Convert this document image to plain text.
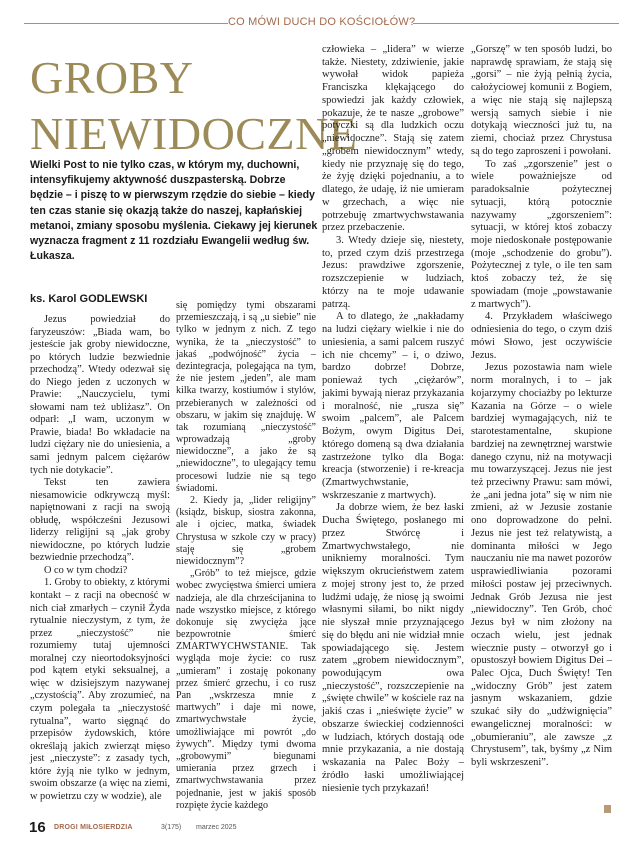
CO MÓWI DUCH DO KOŚCIOŁÓW?
GROBY
NIEWIDOCZNE

Wielki Post to nie tylko czas, w którym my, duchowni, intensyfikujemy aktywność duszpasterską. Dobrze będzie – i piszę to w pierwszym rzędzie do siebie – kiedy ten czas stanie się okazją także do naszej, kapłańskiej metanoi, zmiany sposobu myślenia. Ciekawy jej kierunek wyznacza fragment z 11 rozdziału Ewangelii według św. Łukasza.

ks. Karol GODLEWSKI

Jezus powiedział do faryzeuszów: „Biada wam, bo jesteście jak groby niewidoczne, po których ludzie bezwiednie przechodzą”. Wtedy odezwał się do Niego jeden z uczonych w Prawie: „Nauczycielu, tymi słowami nam też ubliżasz”. On odparł: „I wam, uczonym w Prawie, biada! Bo wkładacie na ludzi ciężary nie do uniesienia, a sami jednym palcem ciężarów tych nie dotykacie”.

Tekst ten zawiera niesamowicie odkrywczą myśl: napiętnowani z racji na swoją obłudę, współcześni Jezusowi liderzy religijni są „jak groby niewidoczne, po których ludzie bezwiednie przechodzą”.

O co w tym chodzi?

1. Groby to obiekty, z którymi kontakt – z racji na obecność w nich ciał zmarłych – czynił Żyda rytualnie nieczystym, z tym, że przez „nieczystość” nie rozumiemy tutaj ujemności moralnej czy nieortodoksyjności pod kątem etyki seksualnej, a więc w dzisiejszym nazywanej „czystością”. Aby zrozumieć, na czym polegała ta „nieczystość rytualna”, warto sięgnąć do przepisów żydowskich, które określają jakich zwierząt mięso jest „nieczyste”: z zasady tych, które żyją nie tylko w jednym, swoim obszarze (a więc na ziemi, w powietrzu czy w wodzie), ale

się pomiędzy tymi obszarami przemieszczają, i są „u siebie” nie tylko w jednym z nich. Z tego wynika, że ta „nieczystość” to jakaś „podwójność” życia – dezintegracja, polegająca na tym, że nie jestem „jeden”, ale mam kilka twarzy, kostiumów i stylów, przebieranych w zależności od obszaru, w jakim się znajduję. W tak rozumianą „nieczystość” wprowadzają „groby niewidoczne”, a jako że są „niewidoczne”, to ulegający temu procesowi ludzie nie są tego świadomi.

2. Kiedy ja, „lider religijny” (ksiądz, biskup, siostra zakonna, ale i ojciec, matka, świadek Chrystusa w szkole czy w pracy) staję się „grobem niewidocznym”?

„Grób” to też miejsce, gdzie wobec zwycięstwa śmierci umiera nadzieja, ale dla chrześcijanina to nade wszystko miejsce, z którego dokonuje się zwycięża jące bezpowrotnie śmierć ZMARTWYCHWSTANIE. Tak wygląda moje życie: co rusz „umieram” i zostaję pokonany przez śmierć grzechu, i co rusz Pan „wskrzesza mnie z martwych” i daje mi nowe, zmartwychwstałe życie, umożliwiające mi powrót „do żywych”. Między tymi dwoma „grobowymi” biegunami umierania przez grzech i zmartwychwstawania przez pojednanie, jest w jakiś sposób rozpięte życie każdego

człowieka – „lidera” w wierze także. Niestety, zdziwienie, jakie wywołał widok papieża Franciszka klękającego do spowiedzi jak każdy człowiek, pokazuje, że te nasze „grobowe” potyczki są dla ludzkich oczu „niewidoczne”. Stają się zatem „grobem niewidocznym” wtedy, kiedy nie przyznaję się do tego, że żyję dzięki pojednaniu, a to dlatego, że udaję, iż nie umieram w grzechach, a więc nie potrzebuję zmartwychwstawania przez przebaczenie.

3. Wtedy dzieje się, niestety, to, przed czym dziś przestrzega Jezus: prawdziwe zgorszenie, rozszczepienie w ludziach, którzy na te moje udawanie patrzą.

A to dlatego, że „nakładamy na ludzi ciężary wielkie i nie do uniesienia, a sami palcem ruszyć ich nie chcemy” – i, o dziwo, bardzo dobrze! Dobrze, ponieważ tych „ciężarów”, jakimi bywają nieraz przykazania i moralność, nie „rusza się” swoim „palcem”, ale Palcem Bożym, owym Digitus Dei, którego domeną są dwa działania zastrzeżone tylko dla Boga: kreacja (stworzenie) i re-kreacja (Zmartwychwstanie, wskrzeszanie z martwych).

Ja dobrze wiem, że bez łaski Ducha Świętego, posłanego mi przez Stwórcę i Zmartwychwstałego, nie unikniemy moralności. Tym większym okrucieństwem zatem z mojej strony jest to, że przed ludźmi udaję, że niosę ją swoimi własnymi siłami, bo nikt nigdy nie słyszał mnie przyznającego się do błędu ani nie widział mnie spowiadającego się. Jestem zatem „grobem niewidocznym”, powodującym owa „nieczystość”, rozszczepienie na „święte chwile” w kościele raz na jakiś czas i „nieświęte życie” w obszarze świeckiej codzienności w ludziach, których dostają ode mnie przykazania, a nie dostają wskazania na Palec Boży – źródło łaski umożliwiającej niesienie tych przykazań!

„Gorszę” w ten sposób ludzi, bo naprawdę sprawiam, że stają się „gorsi” – nie żyją pełnią życia, całożyciowej komunii z Bogiem, a więc nie stają się najlepszą wersją samych siebie i nie dotykają wieczności już tu, na ziemi, chociaż przez Chrystusa są do tego zaproszeni i powołani.

To zaś „zgorszenie” jest o wiele poważniejsze od paradoksalnie pożytecznej sytuacji, którą potocznie nazywamy „zgorszeniem”: sytuacji, w której ktoś zobaczy moje niedoskonałe postępowanie (moje „schodzenie do grobu”). Pożytecznej z tyle, o ile ten sam ktoś zobaczy też, że się spowiadam (moje „powstawanie z martwych”).

4. Przykładem właściwego odniesienia do tego, o czym dziś mówi Słowo, jest oczywiście Jezus.

Jezus pozostawia nam wiele norm moralnych, i to – jak kojarzymy chociażby po lekturze Kazania na Górze – o wiele bardziej wymagających, niż te starotestamentalne, skupione bardziej na zewnętrznej warstwie danego czynu, niż na motywacji mu towarzyszącej. Jezus nie jest też przeciwny Prawu: sam mówi, że „ani jedna jota” się w nim nie zmieni, aż w Jezusie zostanie ono doprowadzone do pełni. Jezus nie jest też relatywistą, a dominanta miłości w Jego nauczaniu nie ma nawet pozorów usprawiedliwiania pozorami miłości postaw jej przeciwnych. Jednak Grób Jezusa nie jest „niewidoczny”. Ten Grób, choć Jezus był w nim złożony na oczach wielu, jest jednak wiecznie pusty – otworzył go i opustoszył bowiem Digitus Dei – Palec Ojca, Duch Święty! Ten „widoczny Grób” jest zatem jasnym wskazaniem, gdzie szukać siły do „udźwignięcia” ewangelicznej moralności: w „obumieraniu”, ale zawsze „z Chrystusem”, tak, byśmy „z Nim byli wskrzeszeni”.

16 DROGI MIŁOSIERDZIA	3(175) marzec 2025
